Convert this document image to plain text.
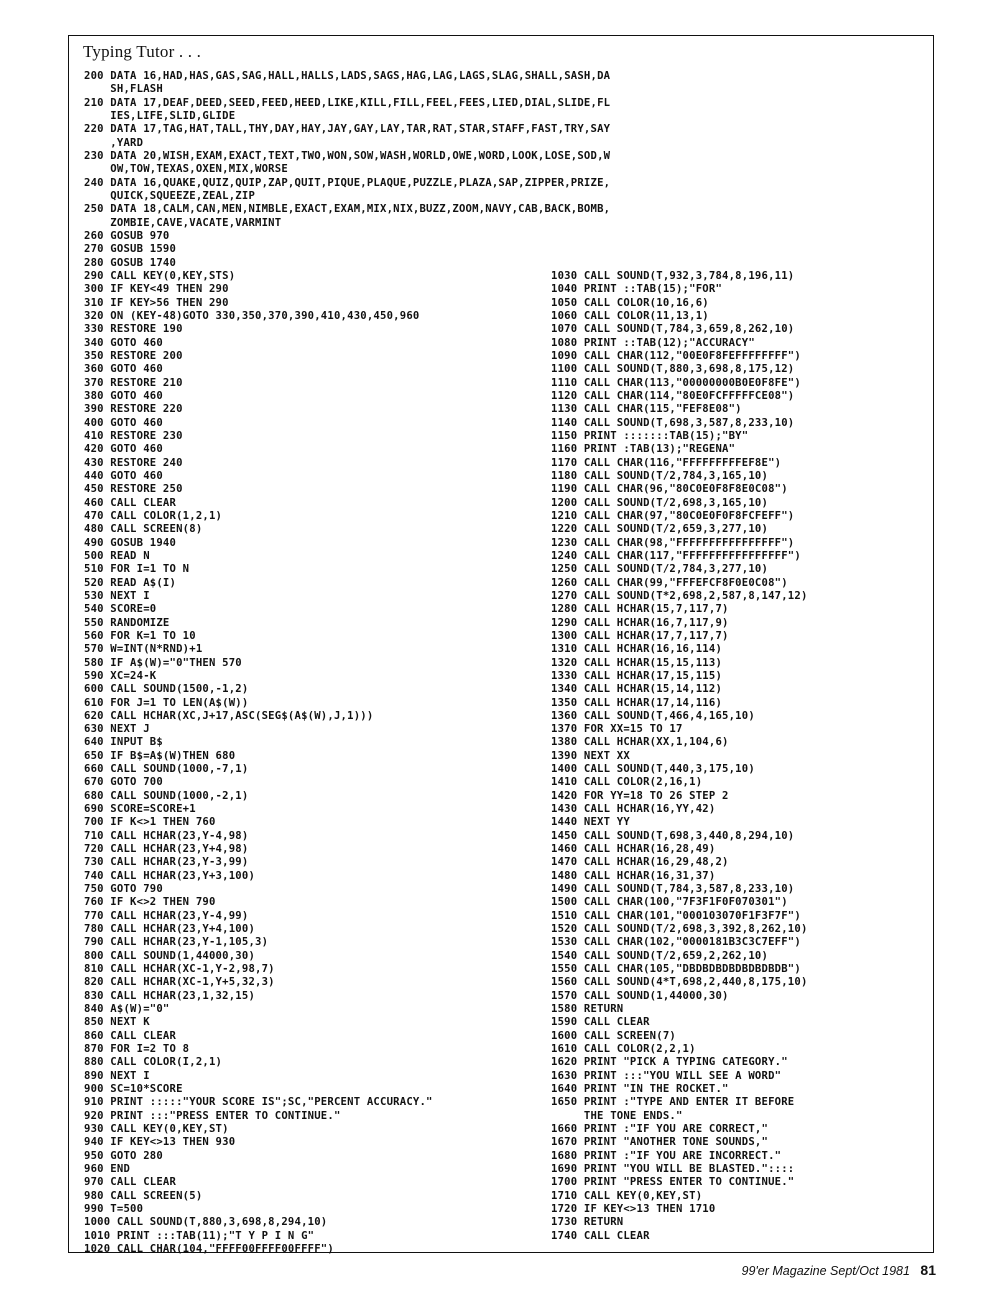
Typing Tutor . . .
200 DATA 16,HAD,HAS,GAS,SAG,HALL,HALLS,LADS,SAGS,HAG,LAG,LAGS,SLAG,SHALL,SASH,DA
SH,FLASH
210 DATA 17,DEAF,DEED,SEED,FEED,HEED,LIKE,KILL,FILL,FEEL,FEES,LIED,DIAL,SLIDE,FL
IES,LIFE,SLID,GLIDE
220 DATA 17,TAG,HAT,TALL,THY,DAY,HAY,JAY,GAY,LAY,TAR,RAT,STAR,STAFF,FAST,TRY,SAY
,YARD
230 DATA 20,WISH,EXAM,EXACT,TEXT,TWO,WON,SOW,WASH,WORLD,OWE,WORD,LOOK,LOSE,SOD,W
OW,TOW,TEXAS,OXEN,MIX,WORSE
240 DATA 16,QUAKE,QUIZ,QUIP,ZAP,QUIT,PIQUE,PLAQUE,PUZZLE,PLAZA,SAP,ZIPPER,PRIZE,
QUICK,SQUEEZE,ZEAL,ZIP
250 DATA 18,CALM,CAN,MEN,NIMBLE,EXACT,EXAM,MIX,NIX,BUZZ,ZOOM,NAVY,CAB,BACK,BOMB,
ZOMBIE,CAVE,VACATE,VARMINT
260 GOSUB 970
270 GOSUB 1590
280 GOSUB 1740
290 CALL KEY(0,KEY,STS)
300 IF KEY<49 THEN 290
310 IF KEY>56 THEN 290
320 ON (KEY-48)GOTO 330,350,370,390,410,430,450,960
330 RESTORE 190
340 GOTO 460
350 RESTORE 200
360 GOTO 460
370 RESTORE 210
380 GOTO 460
390 RESTORE 220
400 GOTO 460
410 RESTORE 230
420 GOTO 460
430 RESTORE 240
440 GOTO 460
450 RESTORE 250
460 CALL CLEAR
470 CALL COLOR(1,2,1)
480 CALL SCREEN(8)
490 GOSUB 1940
500 READ N
510 FOR I=1 TO N
520 READ A$(I)
530 NEXT I
540 SCORE=0
550 RANDOMIZE
560 FOR K=1 TO 10
570 W=INT(N*RND)+1
580 IF A$(W)="0"THEN 570
590 XC=24-K
600 CALL SOUND(1500,-1,2)
610 FOR J=1 TO LEN(A$(W))
620 CALL HCHAR(XC,J+17,ASC(SEG$(A$(W),J,1)))
630 NEXT J
640 INPUT B$
650 IF B$=A$(W)THEN 680
660 CALL SOUND(1000,-7,1)
670 GOTO 700
680 CALL SOUND(1000,-2,1)
690 SCORE=SCORE+1
700 IF K<>1 THEN 760
710 CALL HCHAR(23,Y-4,98)
720 CALL HCHAR(23,Y+4,98)
730 CALL HCHAR(23,Y-3,99)
740 CALL HCHAR(23,Y+3,100)
750 GOTO 790
760 IF K<>2 THEN 790
770 CALL HCHAR(23,Y-4,99)
780 CALL HCHAR(23,Y+4,100)
790 CALL HCHAR(23,Y-1,105,3)
800 CALL SOUND(1,44000,30)
810 CALL HCHAR(XC-1,Y-2,98,7)
820 CALL HCHAR(XC-1,Y+5,32,3)
830 CALL HCHAR(23,1,32,15)
840 A$(W)="0"
850 NEXT K
860 CALL CLEAR
870 FOR I=2 TO 8
880 CALL COLOR(I,2,1)
890 NEXT I
900 SC=10*SCORE
910 PRINT :::::"YOUR SCORE IS";SC,"PERCENT ACCURACY."
920 PRINT :::"PRESS ENTER TO CONTINUE."
930 CALL KEY(0,KEY,ST)
940 IF KEY<>13 THEN 930
950 GOTO 280
960 END
970 CALL CLEAR
980 CALL SCREEN(5)
990 T=500
1000 CALL SOUND(T,880,3,698,8,294,10)
1010 PRINT :::TAB(11);"T Y P I N G"
1020 CALL CHAR(104,"FFFF00FFFF00FFFF")
1030 CALL SOUND(T,932,3,784,8,196,11)
1040 PRINT ::TAB(15);"FOR"
1050 CALL COLOR(10,16,6)
1060 CALL COLOR(11,13,1)
1070 CALL SOUND(T,784,3,659,8,262,10)
1080 PRINT ::TAB(12);"ACCURACY"
1090 CALL CHAR(112,"00E0F8FEFFFFFFFF")
1100 CALL SOUND(T,880,3,698,8,175,12)
1110 CALL CHAR(113,"00000000B0E0F8FE")
1120 CALL CHAR(114,"80E0FCFFFFFCE08")
1130 CALL CHAR(115,"FEF8E08")
1140 CALL SOUND(T,698,3,587,8,233,10)
1150 PRINT :::::::TAB(15);"BY"
1160 PRINT :TAB(13);"REGENA"
1170 CALL CHAR(116,"FFFFFFFFFEF8E")
1180 CALL SOUND(T/2,784,3,165,10)
1190 CALL CHAR(96,"80C0E0F8F8E0C08")
1200 CALL SOUND(T/2,698,3,165,10)
1210 CALL CHAR(97,"80C0E0F0F8FCFEFF")
1220 CALL SOUND(T/2,659,3,277,10)
1230 CALL CHAR(98,"FFFFFFFFFFFFFFFF")
1240 CALL CHAR(117,"FFFFFFFFFFFFFFFF")
1250 CALL SOUND(T/2,784,3,277,10)
1260 CALL CHAR(99,"FFFEFCF8F0E0C08")
1270 CALL SOUND(T*2,698,2,587,8,147,12)
1280 CALL HCHAR(15,7,117,7)
1290 CALL HCHAR(16,7,117,9)
1300 CALL HCHAR(17,7,117,7)
1310 CALL HCHAR(16,16,114)
1320 CALL HCHAR(15,15,113)
1330 CALL HCHAR(17,15,115)
1340 CALL HCHAR(15,14,112)
1350 CALL HCHAR(17,14,116)
1360 CALL SOUND(T,466,4,165,10)
1370 FOR XX=15 TO 17
1380 CALL HCHAR(XX,1,104,6)
1390 NEXT XX
1400 CALL SOUND(T,440,3,175,10)
1410 CALL COLOR(2,16,1)
1420 FOR YY=18 TO 26 STEP 2
1430 CALL HCHAR(16,YY,42)
1440 NEXT YY
1450 CALL SOUND(T,698,3,440,8,294,10)
1460 CALL HCHAR(16,28,49)
1470 CALL HCHAR(16,29,48,2)
1480 CALL HCHAR(16,31,37)
1490 CALL SOUND(T,784,3,587,8,233,10)
1500 CALL CHAR(100,"7F3F1F0F070301")
1510 CALL CHAR(101,"000103070F1F3F7F")
1520 CALL SOUND(T/2,698,3,392,8,262,10)
1530 CALL CHAR(102,"0000181B3C3C7EFF")
1540 CALL SOUND(T/2,659,2,262,10)
1550 CALL CHAR(105,"DBDBDBDBDBDBDBDB")
1560 CALL SOUND(4*T,698,2,440,8,175,10)
1570 CALL SOUND(1,44000,30)
1580 RETURN
1590 CALL CLEAR
1600 CALL SCREEN(7)
1610 CALL COLOR(2,2,1)
1620 PRINT "PICK A TYPING CATEGORY."
1630 PRINT :::"YOU WILL SEE A WORD"
1640 PRINT "IN THE ROCKET."
1650 PRINT :"TYPE AND ENTER IT BEFORE
THE TONE ENDS."
1660 PRINT :"IF YOU ARE CORRECT,"
1670 PRINT "ANOTHER TONE SOUNDS,"
1680 PRINT :"IF YOU ARE INCORRECT."
1690 PRINT "YOU WILL BE BLASTED."::::
1700 PRINT "PRESS ENTER TO CONTINUE."
1710 CALL KEY(0,KEY,ST)
1720 IF KEY<>13 THEN 1710
1730 RETURN
1740 CALL CLEAR
99'er Magazine Sept/Oct 1981 81
